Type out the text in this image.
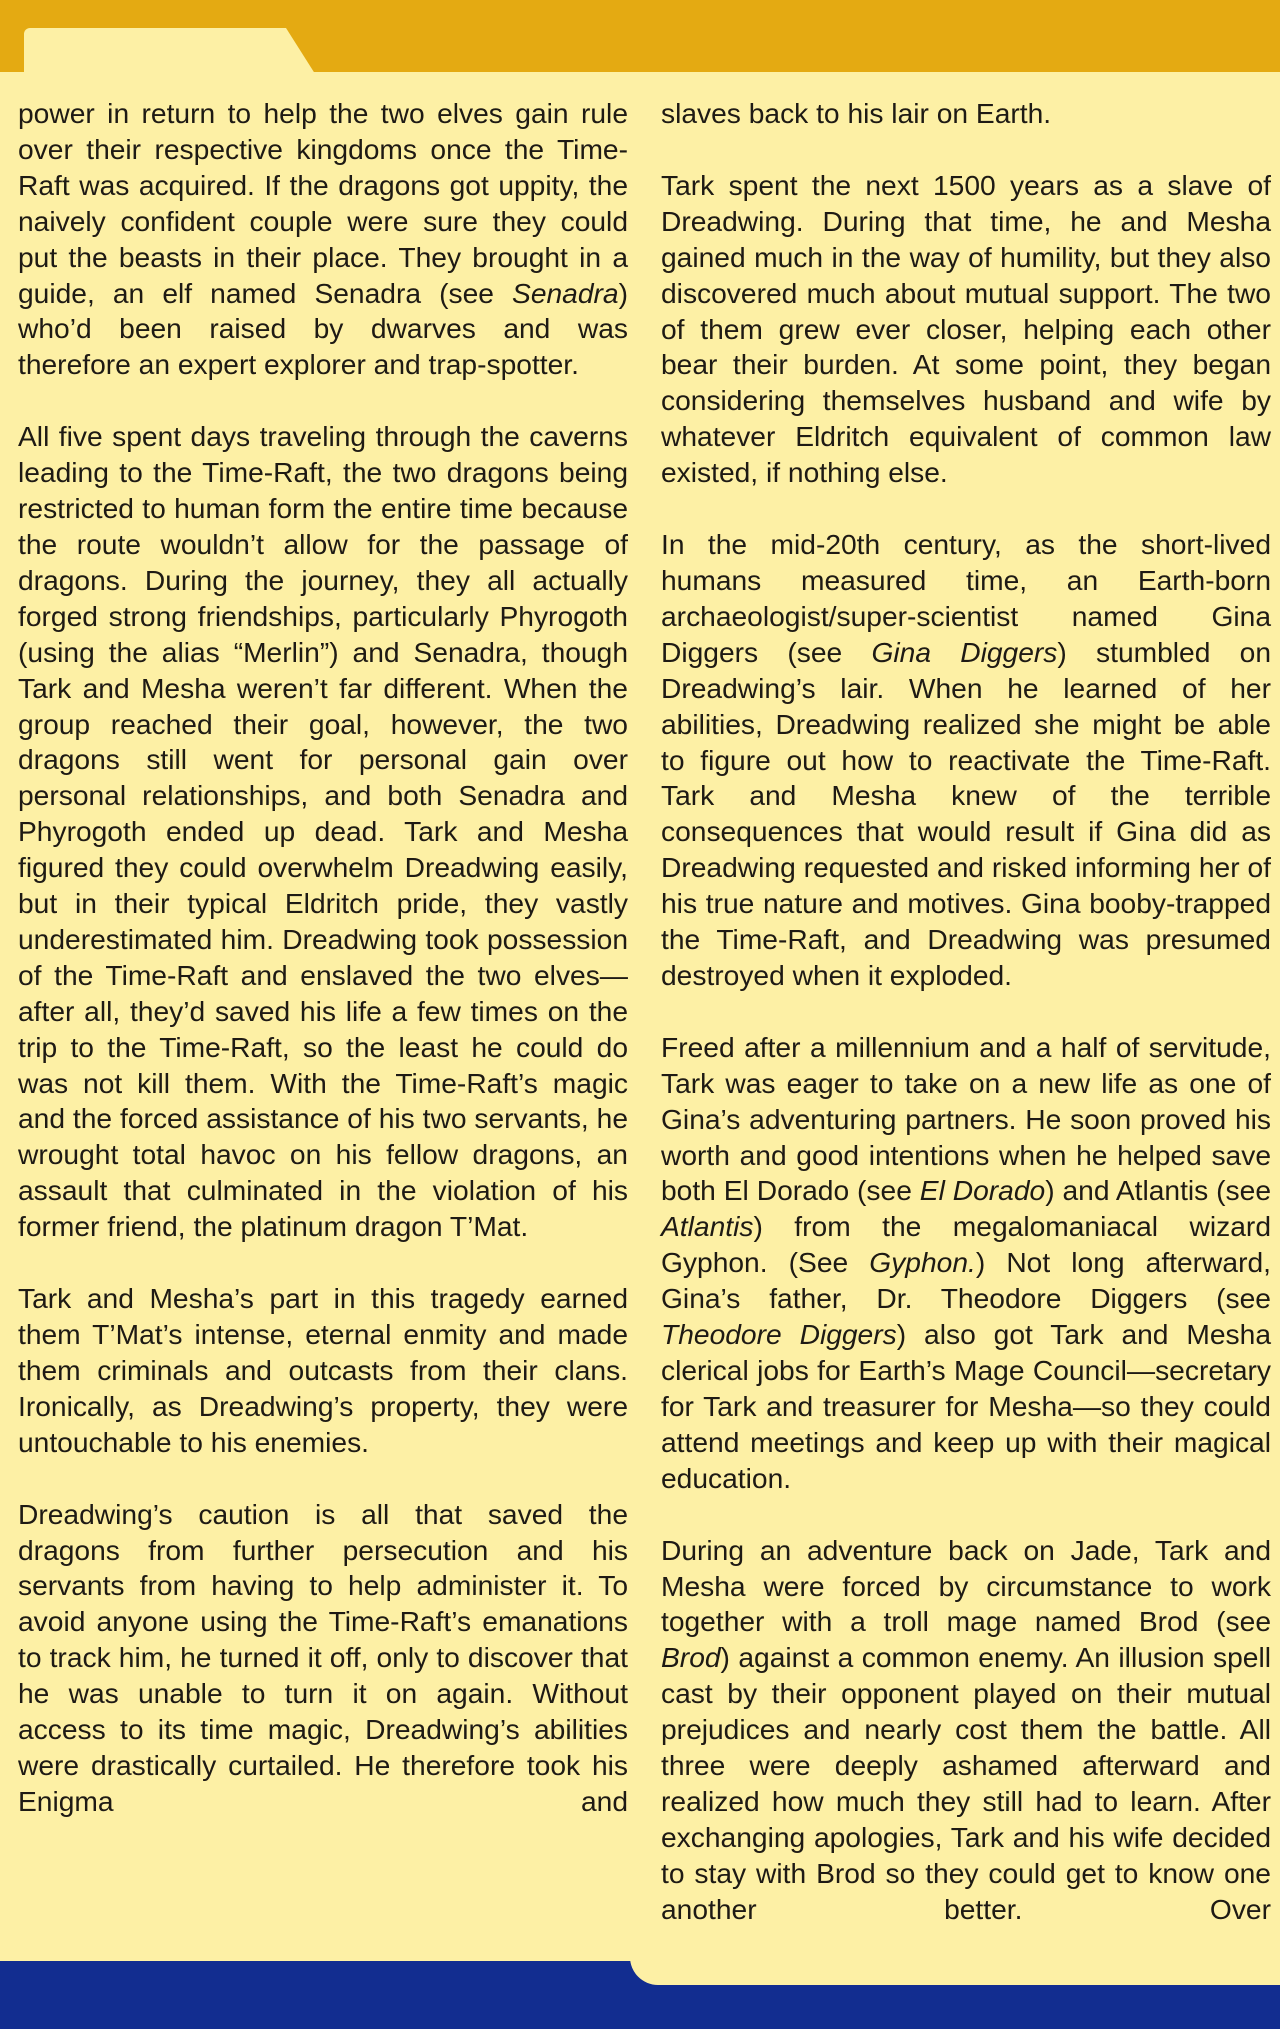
power in return to help the two elves gain rule over their respective kingdoms once the Time-Raft was acquired. If the dragons got uppity, the naively confident couple were sure they could put the beasts in their place. They brought in a guide, an elf named Senadra (see Senadra) who’d been raised by dwarves and was therefore an expert explorer and trap-spotter.

All five spent days traveling through the caverns leading to the Time-Raft, the two dragons being restricted to human form the entire time because the route wouldn’t allow for the passage of dragons. During the journey, they all actually forged strong friendships, particularly Phyrogoth (using the alias “Merlin”) and Senadra, though Tark and Mesha weren’t far different. When the group reached their goal, however, the two dragons still went for personal gain over personal relationships, and both Senadra and Phyrogoth ended up dead. Tark and Mesha figured they could overwhelm Dreadwing easily, but in their typical Eldritch pride, they vastly underestimated him. Dreadwing took possession of the Time-Raft and enslaved the two elves—after all, they’d saved his life a few times on the trip to the Time-Raft, so the least he could do was not kill them. With the Time-Raft’s magic and the forced assistance of his two servants, he wrought total havoc on his fellow dragons, an assault that culminated in the violation of his former friend, the platinum dragon T’Mat.

Tark and Mesha’s part in this tragedy earned them T’Mat’s intense, eternal enmity and made them criminals and outcasts from their clans. Ironically, as Dreadwing’s property, they were untouchable to his enemies.

Dreadwing’s caution is all that saved the dragons from further persecution and his servants from having to help administer it. To avoid anyone using the Time-Raft’s emanations to track him, he turned it off, only to discover that he was unable to turn it on again. Without access to its time magic, Dreadwing’s abilities were drastically curtailed. He therefore took his Enigma and

slaves back to his lair on Earth.

Tark spent the next 1500 years as a slave of Dreadwing. During that time, he and Mesha gained much in the way of humility, but they also discovered much about mutual support. The two of them grew ever closer, helping each other bear their burden. At some point, they began considering themselves husband and wife by whatever Eldritch equivalent of common law existed, if nothing else.

In the mid-20th century, as the short-lived humans measured time, an Earth-born archaeologist/super-scientist named Gina Diggers (see Gina Diggers) stumbled on Dreadwing’s lair. When he learned of her abilities, Dreadwing realized she might be able to figure out how to reactivate the Time-Raft. Tark and Mesha knew of the terrible consequences that would result if Gina did as Dreadwing requested and risked informing her of his true nature and motives. Gina booby-trapped the Time-Raft, and Dreadwing was presumed destroyed when it exploded.

Freed after a millennium and a half of servitude, Tark was eager to take on a new life as one of Gina’s adventuring partners. He soon proved his worth and good intentions when he helped save both El Dorado (see El Dorado) and Atlantis (see Atlantis) from the megalomaniacal wizard Gyphon. (See Gyphon.) Not long afterward, Gina’s father, Dr. Theodore Diggers (see Theodore Diggers) also got Tark and Mesha clerical jobs for Earth’s Mage Council—secretary for Tark and treasurer for Mesha—so they could attend meetings and keep up with their magical education.

During an adventure back on Jade, Tark and Mesha were forced by circumstance to work together with a troll mage named Brod (see Brod) against a common enemy. An illusion spell cast by their opponent played on their mutual prejudices and nearly cost them the battle. All three were deeply ashamed afterward and realized how much they still had to learn. After exchanging apologies, Tark and his wife decided to stay with Brod so they could get to know one another better. Over
